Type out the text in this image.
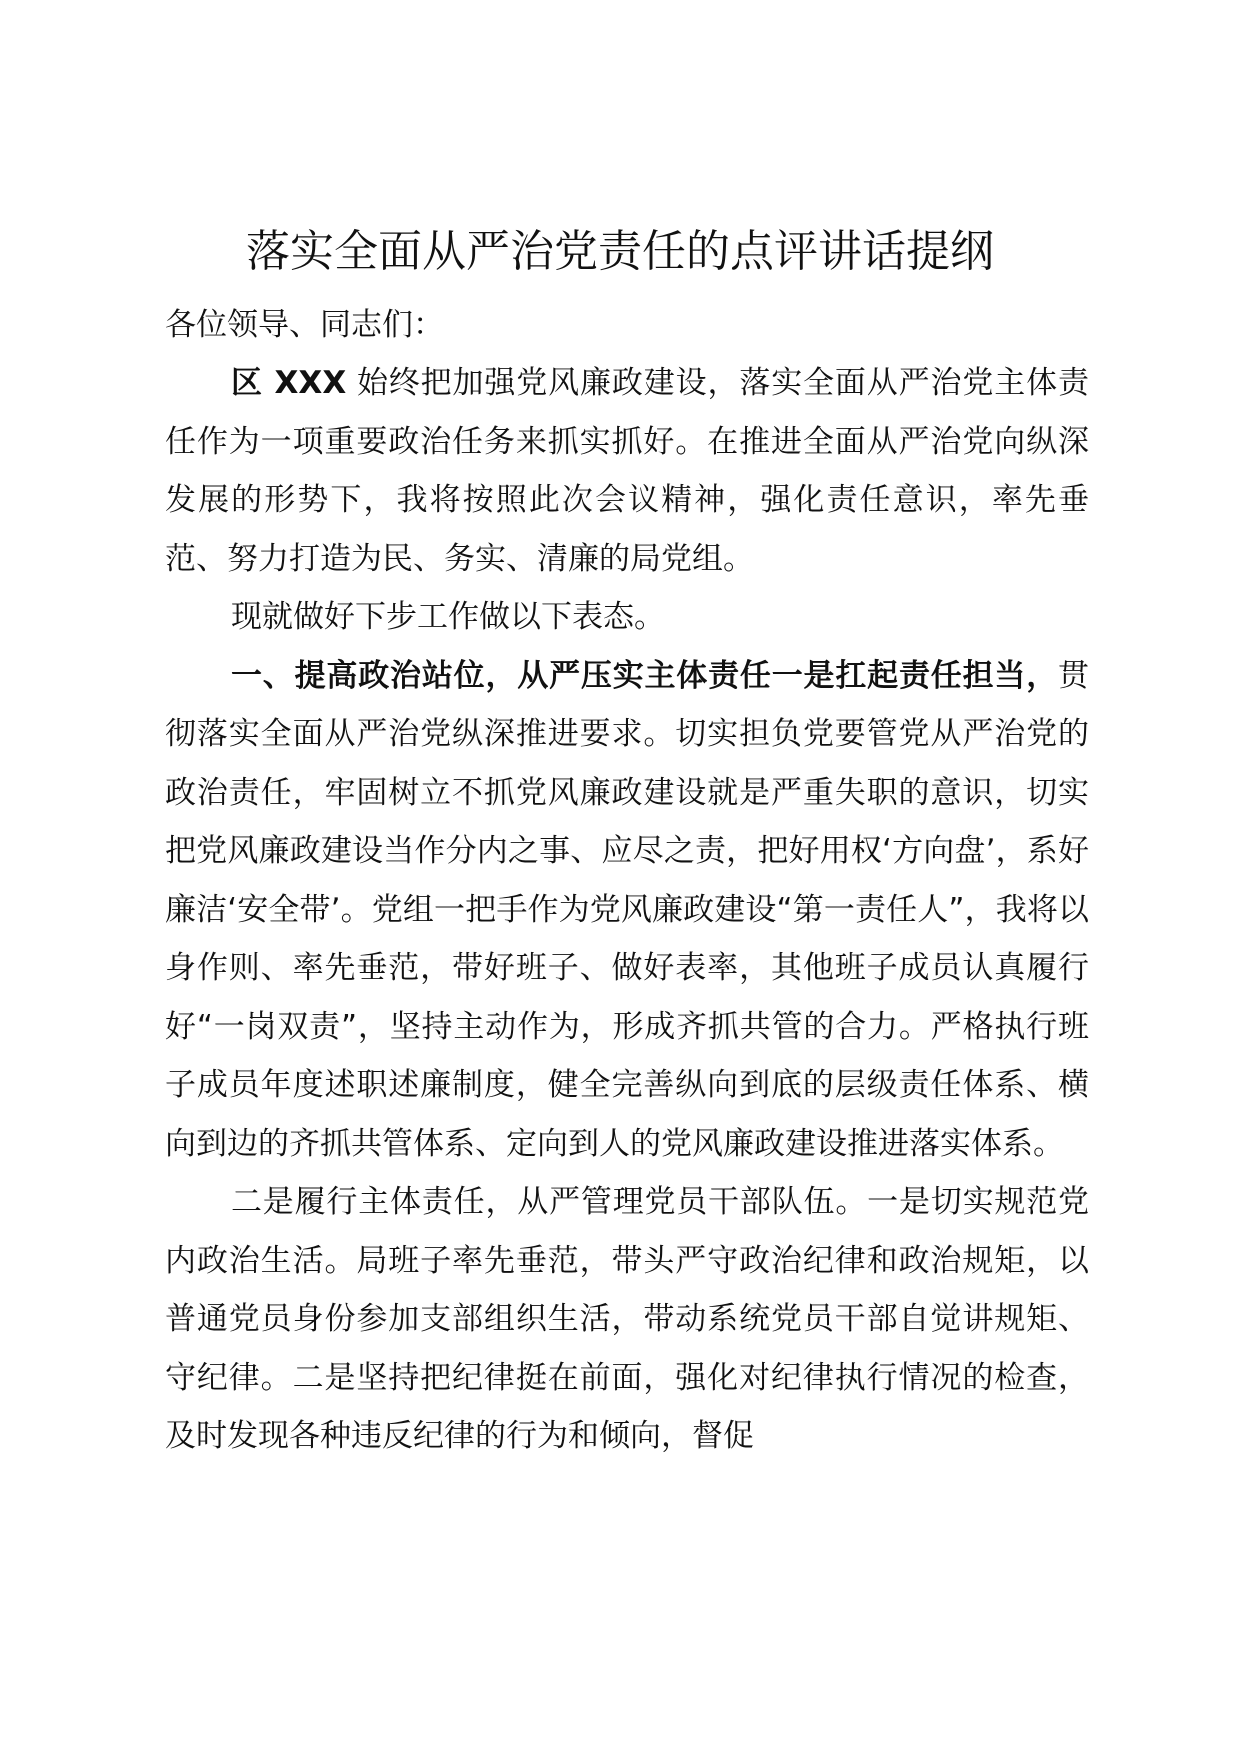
落实全面从严治党责任的点评讲话提纲

各位领导、同志们：

区 XXX 始终把加强党风廉政建设，落实全面从严治党主体责任作为一项重要政治任务来抓实抓好。在推进全面从严治党向纵深发展的形势下，我将按照此次会议精神，强化责任意识，率先垂范、努力打造为民、务实、清廉的局党组。

现就做好下步工作做以下表态。

一、提高政治站位，从严压实主体责任一是扛起责任担当，贯彻落实全面从严治党纵深推进要求。切实担负党要管党从严治党的政治责任，牢固树立不抓党风廉政建设就是严重失职的意识，切实把党风廉政建设当作分内之事、应尽之责，把好用权‘方向盘’，系好廉洁‘安全带’。党组一把手作为党风廉政建设“第一责任人”，我将以身作则、率先垂范，带好班子、做好表率，其他班子成员认真履行好“一岗双责”，坚持主动作为，形成齐抓共管的合力。严格执行班子成员年度述职述廉制度，健全完善纵向到底的层级责任体系、横向到边的齐抓共管体系、定向到人的党风廉政建设推进落实体系。

二是履行主体责任，从严管理党员干部队伍。一是切实规范党内政治生活。局班子率先垂范，带头严守政治纪律和政治规矩，以普通党员身份参加支部组织生活，带动系统党员干部自觉讲规矩、守纪律。二是坚持把纪律挺在前面，强化对纪律执行情况的检查，及时发现各种违反纪律的行为和倾向，督促
